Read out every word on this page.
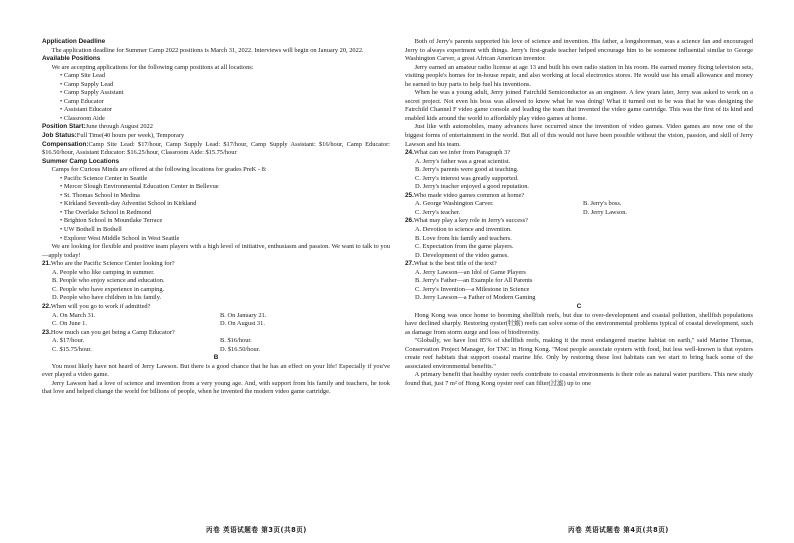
Application Deadline

The application deadline for Summer Camp 2022 positions is March 31, 2022. Interviews will begin on January 20, 2022.

Available Positions

We are accepting applications for the following camp positions at all locations:

• Camp Site Lead
• Camp Supply Lead
• Camp Supply Assistant
• Camp Educator
• Assistant Educator
• Classroom Aide
Position Start:June through August 2022
Job Status:Full Time(40 hours per week), Temporary

Compensation:Camp Site Lead: $17/hour, Camp Supply Lead: $17/hour, Camp Supply Assistant: $16/hour, Camp Educator: $16.50/hour, Assistant Educator: $16.25/hour, Classroom Aide: $15.75/hour

Summer Camp Locations

Camps for Curious Minds are offered at the following locations for grades PreK - 8:

• Pacific Science Center in Seattle
• Mercer Slough Environmental Education Center in Bellevue
• St. Thomas School in Medina
• Kirkland Seventh-day Adventist School in Kirkland
• The Overlake School in Redmond
• Brighton School in Mountlake Terrace
• UW Bothell in Bothell
• Explorer West Middle School in West Seattle

We are looking for flexible and positive team players with a high level of initiative, enthusiasm and passion. We want to talk to you—apply today!

21.Who are the Pacific Science Center looking for?
A. People who like camping in summer.
B. People who enjoy science and education.
C. People who have experience in camping.
D. People who have children in his family.
22.When will you go to work if admitted?
A. On March 31.	B. On January 21.
C. On June 1.	D. On August 31.
23.How much can you get being a Camp Educator?
A. $17/hour.	B. $16/hour.
C. $15.75/hour.	D. $16.50/hour.
B

You most likely have not heard of Jerry Lawson. But there is a good chance that he has an effect on your life! Especially if you've ever played a video game.

Jerry Lawson had a love of science and invention from a very young age. And, with support from his family and teachers, he took that love and helped change the world for billions of people, when he invented the modern video game cartridge.

Both of Jerry's parents supported his love of science and invention. His father, a longshoreman, was a science fan and encouraged Jerry to always experiment with things. Jerry's first-grade teacher helped encourage him to be someone influential similar to George Washington Carver, a great African American inventor.

Jerry earned an amateur radio license at age 13 and built his own radio station in his room. He earned money fixing television sets, visiting people's homes for in-house repair, and also working at local electronics stores. He would use his small allowance and money he earned to buy parts to help fuel his inventions.

When he was a young adult, Jerry joined Fairchild Semiconductor as an engineer. A few years later, Jerry was asked to work on a secret project. Not even his boss was allowed to know what he was doing! What it turned out to be was that he was designing the Fairchild Channel F video game console and leading the team that invented the video game cartridge. This was the first of its kind and enabled kids around the world to affordably play video games at home.

Just like with automobiles, many advances have occurred since the invention of video games. Video games are now one of the biggest forms of entertainment in the world. But all of this would not have been possible without the vision, passion, and skill of Jerry Lawson and his team.

24.What can we infer from Paragraph 3?
A. Jerry's father was a great scientist.
B. Jerry's parents were good at teaching.
C. Jerry's interest was greatly supported.
D. Jerry's teacher enjoyed a good reputation.
25.Who made video games common at home?
A. George Washington Carver.	B. Jerry's boss.
C. Jerry's teacher.	D. Jerry Lawson.
26.What may play a key role in Jerry's success?
A. Devotion to science and invention.
B. Love from his family and teachers.
C. Expectation from the game players.
D. Development of the video games.
27.What is the best title of the text?
A. Jerry Lawson—an Idol of Game Players
B. Jerry's Father—an Example for All Parents
C. Jerry's Invention—a Milestone in Science
D. Jerry Lawson—a Father of Modern Gaming
C

Hong Kong was once home to booming shellfish reefs, but due to over-development and coastal pollution, shellfish populations have declined sharply. Restoring oyster(牡蛎) reefs can solve some of the environmental problems typical of coastal development, such as damage from storm surge and loss of biodiversity.

"Globally, we have lost 85% of shellfish reefs, making it the most endangered marine habitat on earth," said Marine Thomas, Conservation Project Manager, for TNC in Hong Kong. "Most people associate oysters with food, but less well-known is that oysters create reef habitats that support coastal marine life. Only by restoring these lost habitats can we start to bring back some of the associated environmental benefits."

A primary benefit that healthy oyster reefs contribute to coastal environments is their role as natural water purifiers. This new study found that, just 7 m² of Hong Kong oyster reef can filter(过滤) up to one

丙卷 英语试题卷 第3页(共8页)	丙卷 英语试题卷 第4页(共8页)
